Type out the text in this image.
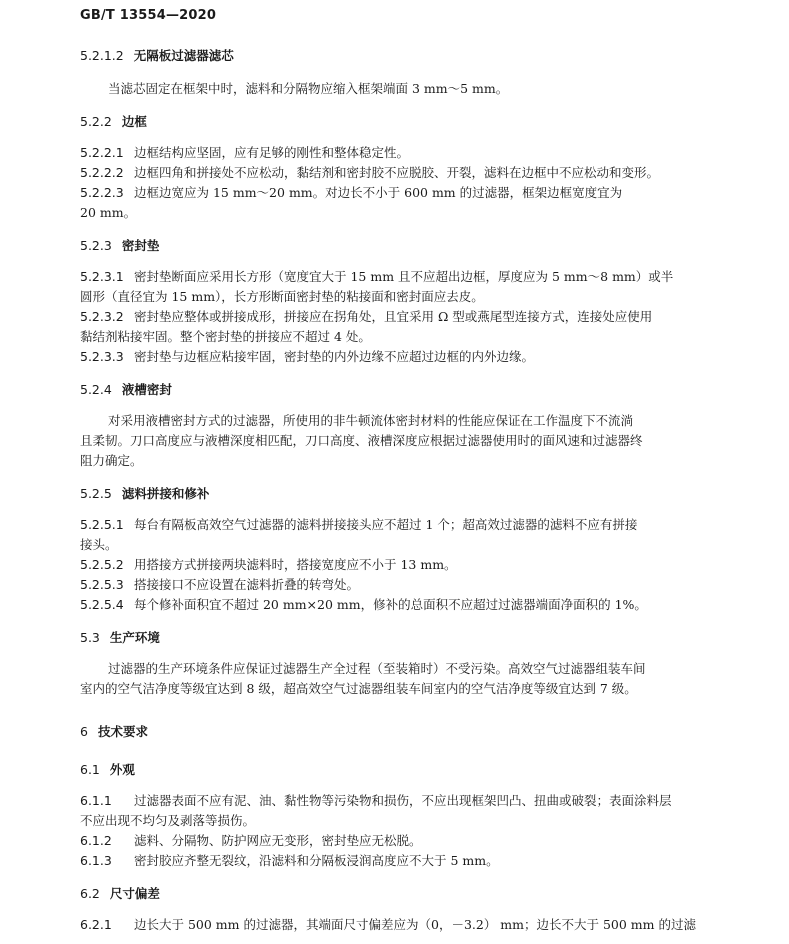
GB/T 13554—2020
5.2.1.2 无隔板过滤器滤芯
当滤芯固定在框架中时，滤料和分隔物应缩入框架端面 3 mm～5 mm。
5.2.2 边框
5.2.2.1 边框结构应坚固，应有足够的刚性和整体稳定性。
5.2.2.2 边框四角和拼接处不应松动，黏结剂和密封胶不应脱胶、开裂，滤料在边框中不应松动和变形。
5.2.2.3 边框边宽应为 15 mm～20 mm。对边长不小于 600 mm 的过滤器，框架边框宽度宜为
20 mm。
5.2.3 密封垫
5.2.3.1 密封垫断面应采用长方形（宽度宜大于 15 mm 且不应超出边框，厚度应为 5 mm～8 mm）或半
圆形（直径宜为 15 mm），长方形断面密封垫的粘接面和密封面应去皮。
5.2.3.2 密封垫应整体或拼接成形，拼接应在拐角处，且宜采用 Ω 型或燕尾型连接方式，连接处应使用
黏结剂粘接牢固。整个密封垫的拼接应不超过 4 处。
5.2.3.3 密封垫与边框应粘接牢固，密封垫的内外边缘不应超过边框的内外边缘。
5.2.4 液槽密封
对采用液槽密封方式的过滤器，所使用的非牛顿流体密封材料的性能应保证在工作温度下不流淌
且柔韧。刀口高度应与液槽深度相匹配，刀口高度、液槽深度应根据过滤器使用时的面风速和过滤器终
阻力确定。
5.2.5 滤料拼接和修补
5.2.5.1 每台有隔板高效空气过滤器的滤料拼接接头应不超过 1 个；超高效过滤器的滤料不应有拼接
接头。
5.2.5.2 用搭接方式拼接两块滤料时，搭接宽度应不小于 13 mm。
5.2.5.3 搭接接口不应设置在滤料折叠的转弯处。
5.2.5.4 每个修补面积宜不超过 20 mm×20 mm，修补的总面积不应超过过滤器端面净面积的 1%。
5.3 生产环境
过滤器的生产环境条件应保证过滤器生产全过程（至装箱时）不受污染。高效空气过滤器组装车间
室内的空气洁净度等级宜达到 8 级，超高效空气过滤器组装车间室内的空气洁净度等级宜达到 7 级。
6 技术要求
6.1 外观
6.1.1 过滤器表面不应有泥、油、黏性物等污染物和损伤，不应出现框架凹凸、扭曲或破裂；表面涂料层
不应出现不均匀及剥落等损伤。
6.1.2 滤料、分隔物、防护网应无变形，密封垫应无松脱。
6.1.3 密封胶应齐整无裂纹，沿滤料和分隔板浸润高度应不大于 5 mm。
6.2 尺寸偏差
6.2.1 边长大于 500 mm 的过滤器，其端面尺寸偏差应为（0，－3.2） mm；边长不大于 500 mm 的过滤
